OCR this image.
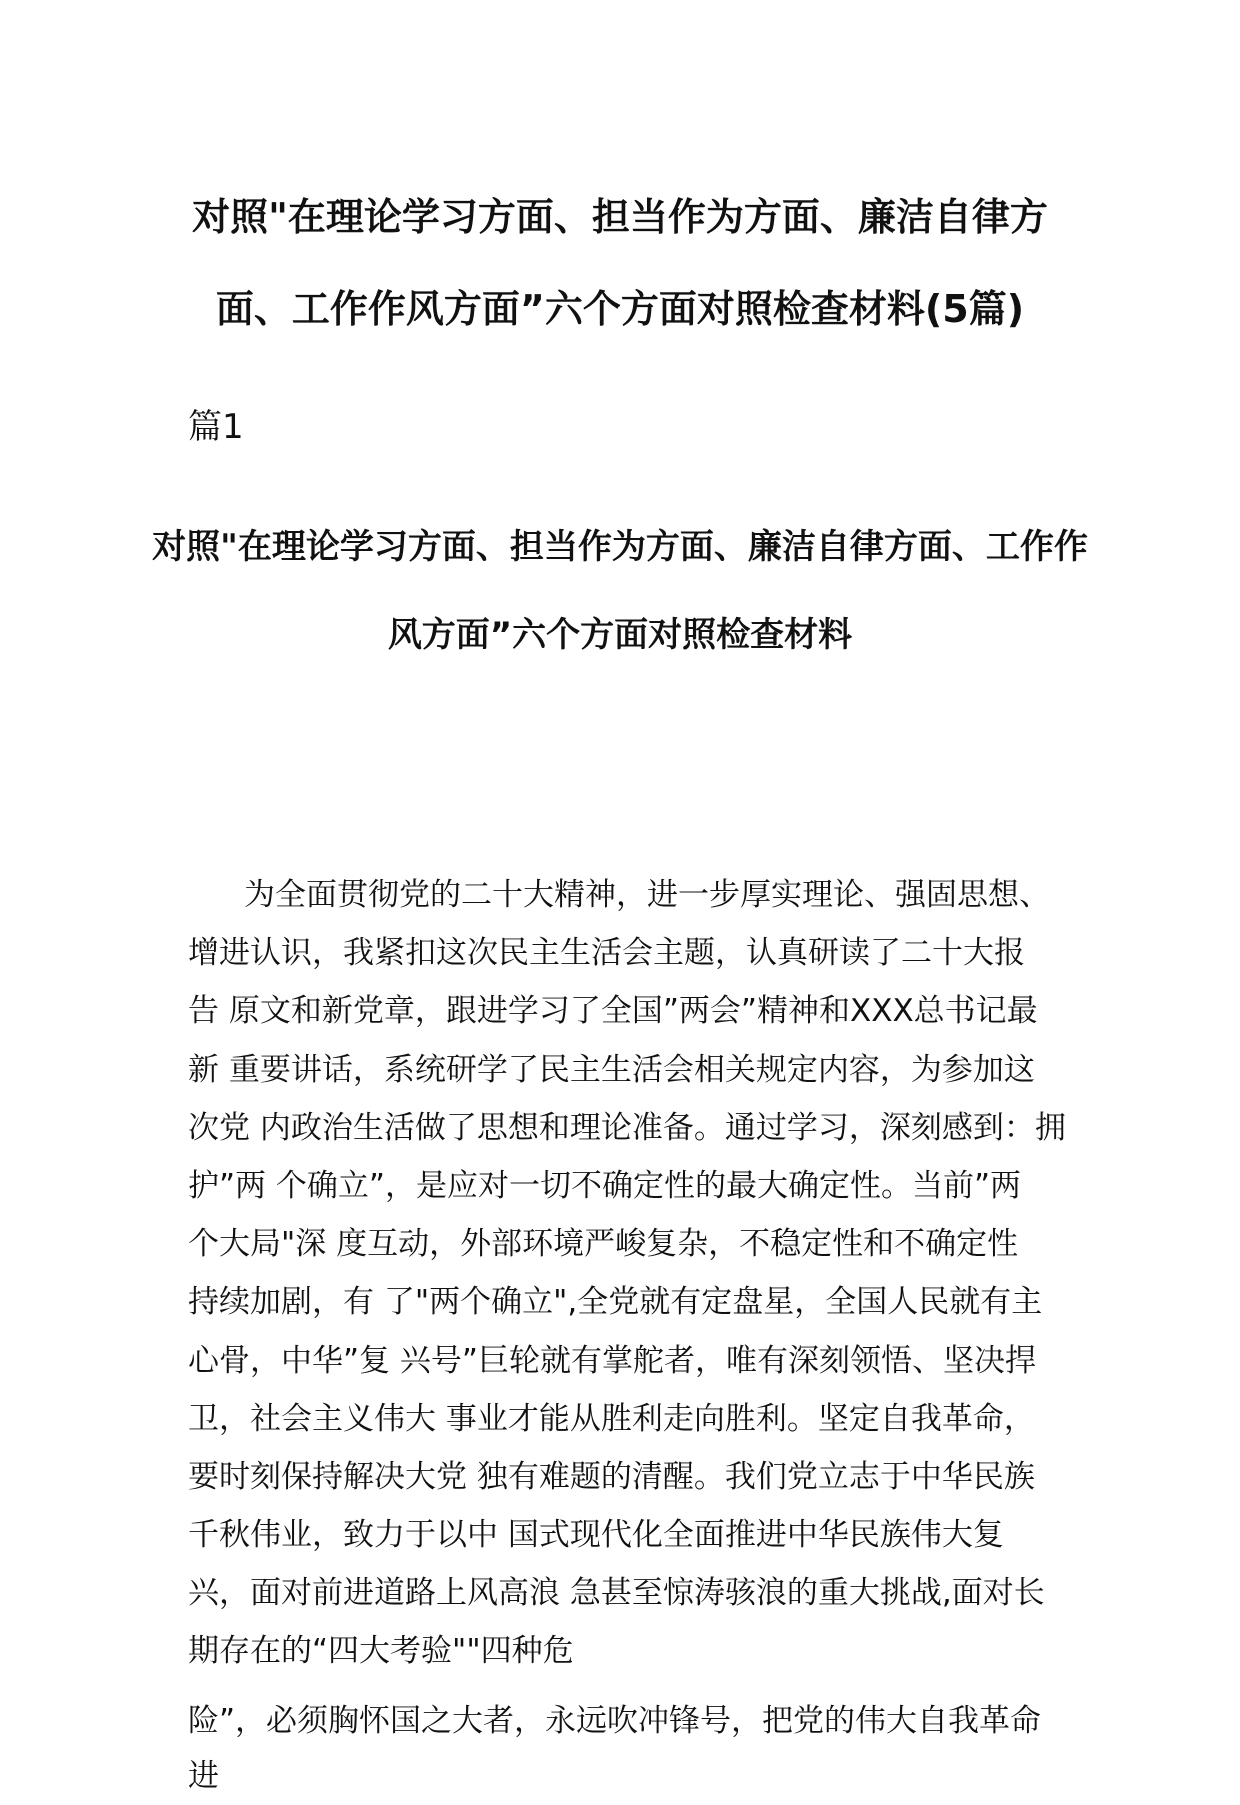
对照"在理论学习方面、担当作为方面、廉洁自律方
面、工作作风方面”六个方面对照检查材料(5篇)

篇1

对照"在理论学习方面、担当作为方面、廉洁自律方面、工作作
风方面”六个方面对照检查材料
为全面贯彻党的二十大精神，进一步厚实理论、强固思想、
增进认识，我紧扣这次民主生活会主题，认真研读了二十大报
告 原文和新党章，跟进学习了全国”两会”精神和XXX总书记最
新 重要讲话，系统研学了民主生活会相关规定内容，为参加这
次党 内政治生活做了思想和理论准备。通过学习，深刻感到：拥
护”两 个确立”，是应对一切不确定性的最大确定性。当前”两
个大局"深 度互动，外部环境严峻复杂，不稳定性和不确定性
持续加剧，有 了"两个确立",全党就有定盘星，全国人民就有主
心骨，中华”复 兴号”巨轮就有掌舵者，唯有深刻领悟、坚决捍
卫，社会主义伟大 事业才能从胜利走向胜利。坚定自我革命，
要时刻保持解决大党 独有难题的清醒。我们党立志于中华民族
千秋伟业，致力于以中 国式现代化全面推进中华民族伟大复
兴，面对前进道路上风高浪 急甚至惊涛骇浪的重大挑战,面对长
期存在的“四大考验""四种危
险”，必须胸怀国之大者，永远吹冲锋号，把党的伟大自我革命
进
